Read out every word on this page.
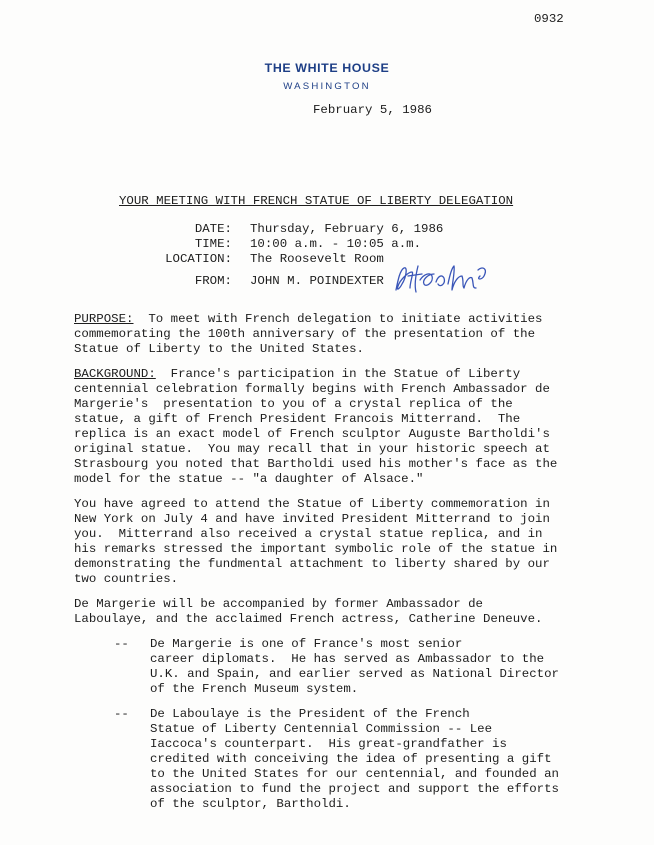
0932
THE WHITE HOUSE
WASHINGTON
February 5, 1986
YOUR MEETING WITH FRENCH STATUE OF LIBERTY DELEGATION
DATE: Thursday, February 6, 1986
TIME: 10:00 a.m. - 10:05 a.m.
LOCATION: The Roosevelt Room
FROM: JOHN M. POINDEXTER
PURPOSE:  To meet with French delegation to initiate activities
commemorating the 100th anniversary of the presentation of the
Statue of Liberty to the United States.
BACKGROUND:  France's participation in the Statue of Liberty
centennial celebration formally begins with French Ambassador de
Margerie's  presentation to you of a crystal replica of the
statue, a gift of French President Francois Mitterrand.  The
replica is an exact model of French sculptor Auguste Bartholdi's
original statue.  You may recall that in your historic speech at
Strasbourg you noted that Bartholdi used his mother's face as the
model for the statue -- "a daughter of Alsace."
You have agreed to attend the Statue of Liberty commemoration in
New York on July 4 and have invited President Mitterrand to join
you.  Mitterrand also received a crystal statue replica, and in
his remarks stressed the important symbolic role of the statue in
demonstrating the fundmental attachment to liberty shared by our
two countries.
De Margerie will be accompanied by former Ambassador de
Laboulaye, and the acclaimed French actress, Catherine Deneuve.
-- De Margerie is one of France's most senior
career diplomats.  He has served as Ambassador to the
U.K. and Spain, and earlier served as National Director
of the French Museum system.
-- De Laboulaye is the President of the French
Statue of Liberty Centennial Commission -- Lee
Iaccoca's counterpart.  His great-grandfather is
credited with conceiving the idea of presenting a gift
to the United States for our centennial, and founded an
association to fund the project and support the efforts
of the sculptor, Bartholdi.
